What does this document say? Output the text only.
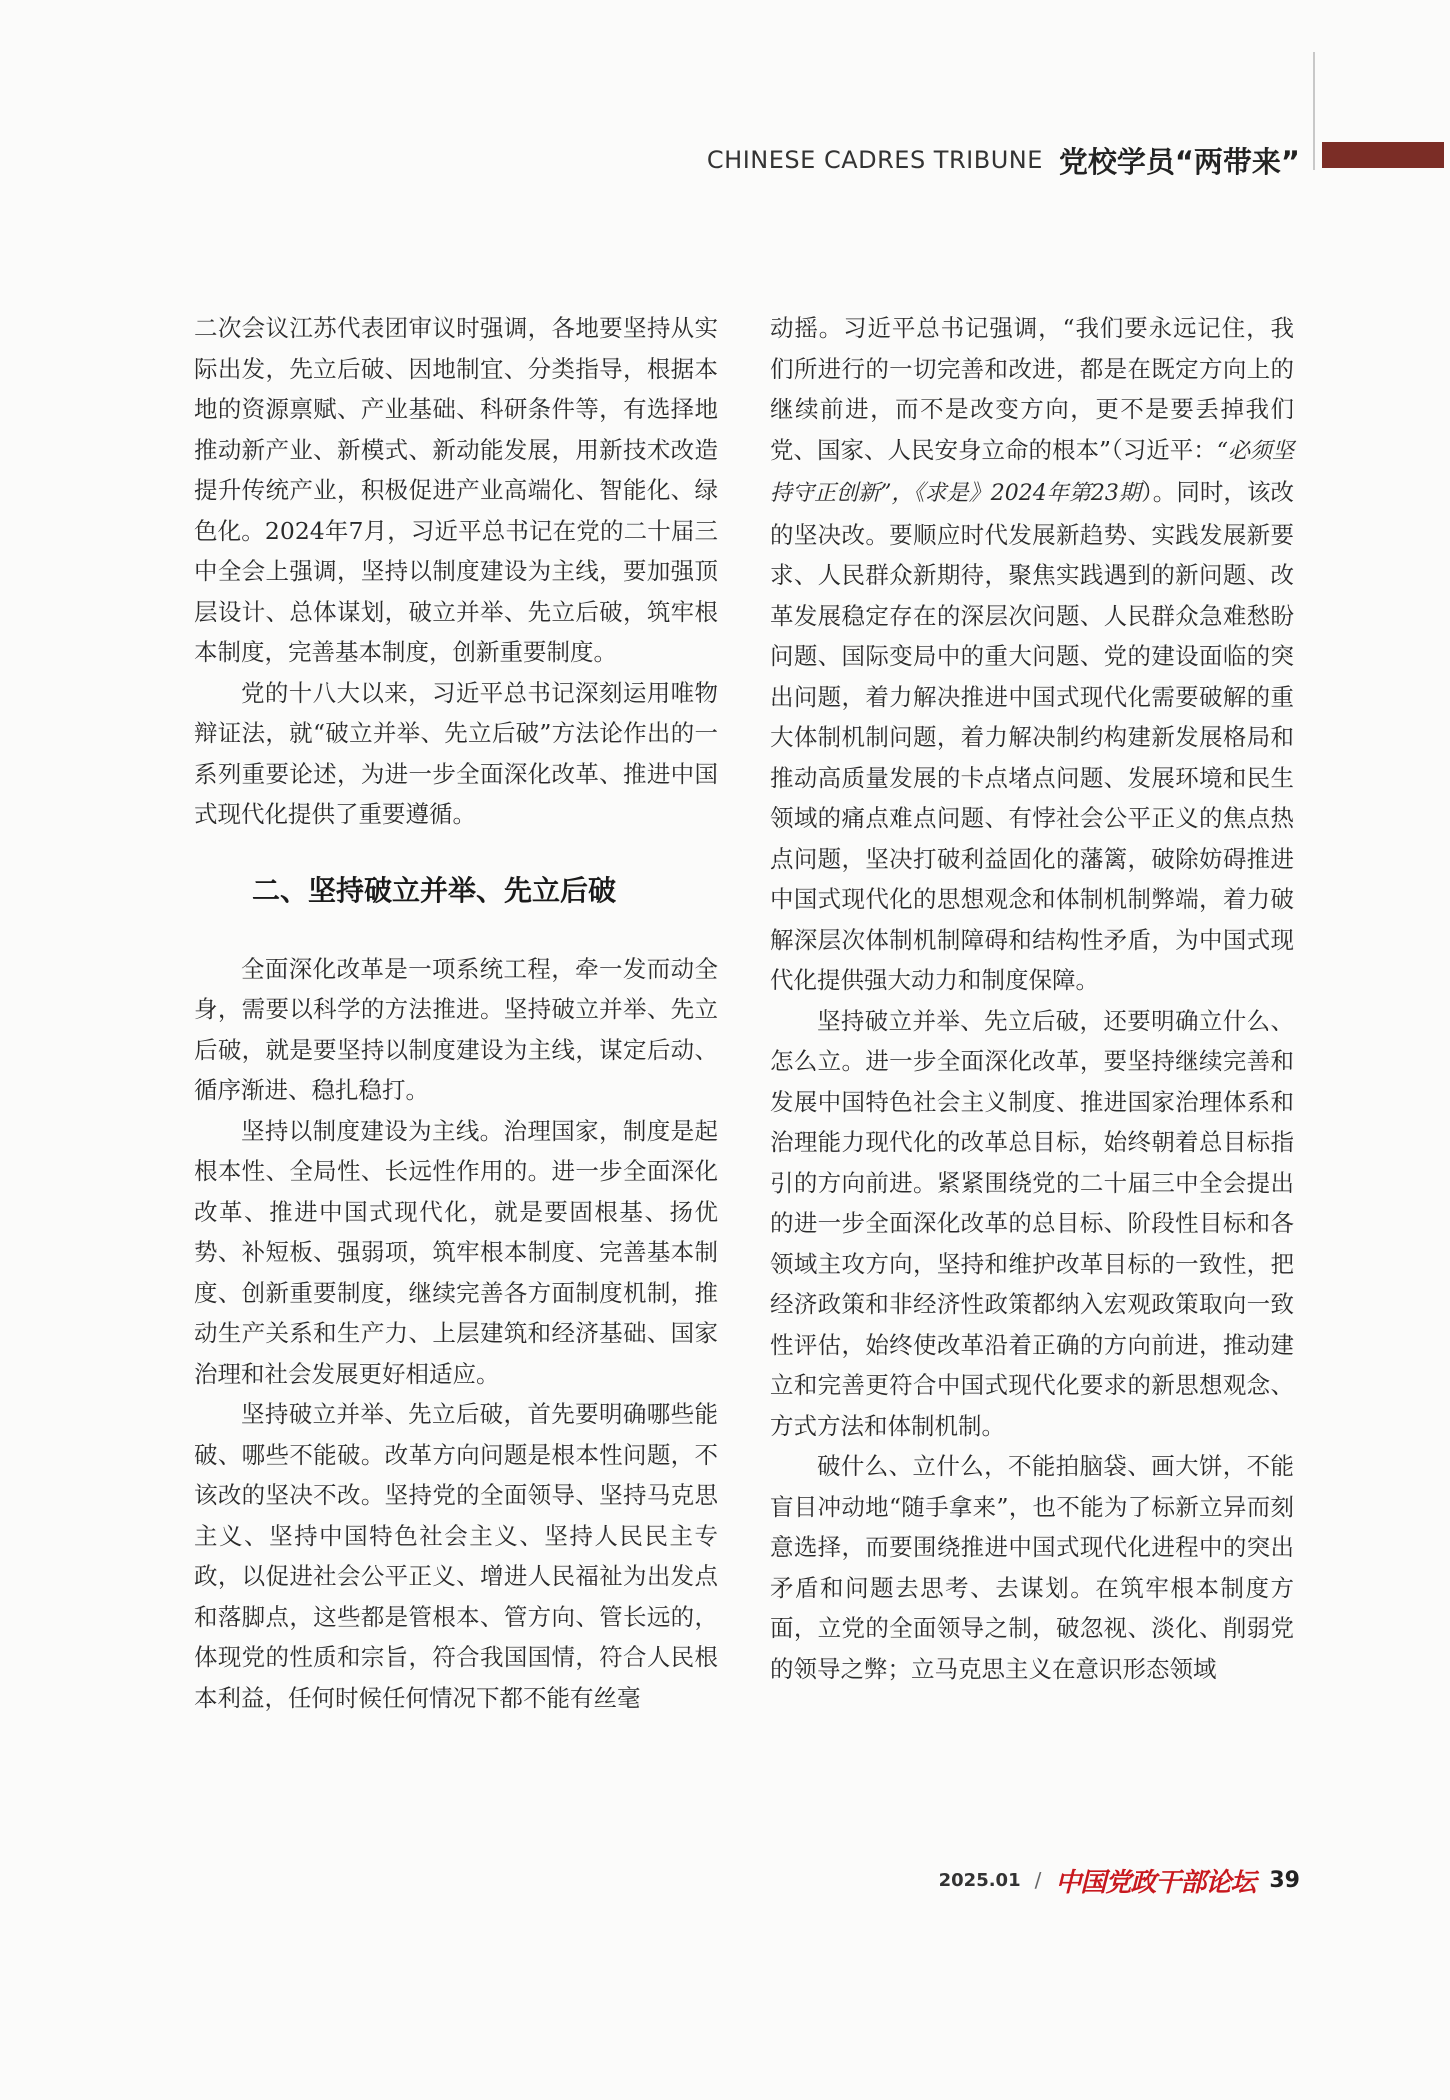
CHINESE CADRES TRIBUNE 党校学员“两带来”

二次会议江苏代表团审议时强调，各地要坚持从实际出发，先立后破、因地制宜、分类指导，根据本地的资源禀赋、产业基础、科研条件等，有选择地推动新产业、新模式、新动能发展，用新技术改造提升传统产业，积极促进产业高端化、智能化、绿色化。2024年7月，习近平总书记在党的二十届三中全会上强调，坚持以制度建设为主线，要加强顶层设计、总体谋划，破立并举、先立后破，筑牢根本制度，完善基本制度，创新重要制度。

党的十八大以来，习近平总书记深刻运用唯物辩证法，就“破立并举、先立后破”方法论作出的一系列重要论述，为进一步全面深化改革、推进中国式现代化提供了重要遵循。

二、坚持破立并举、先立后破

全面深化改革是一项系统工程，牵一发而动全身，需要以科学的方法推进。坚持破立并举、先立后破，就是要坚持以制度建设为主线，谋定后动、循序渐进、稳扎稳打。

坚持以制度建设为主线。治理国家，制度是起根本性、全局性、长远性作用的。进一步全面深化改革、推进中国式现代化，就是要固根基、扬优势、补短板、强弱项，筑牢根本制度、完善基本制度、创新重要制度，继续完善各方面制度机制，推动生产关系和生产力、上层建筑和经济基础、国家治理和社会发展更好相适应。

坚持破立并举、先立后破，首先要明确哪些能破、哪些不能破。改革方向问题是根本性问题，不该改的坚决不改。坚持党的全面领导、坚持马克思主义、坚持中国特色社会主义、坚持人民民主专政，以促进社会公平正义、增进人民福祉为出发点和落脚点，这些都是管根本、管方向、管长远的，体现党的性质和宗旨，符合我国国情，符合人民根本利益，任何时候任何情况下都不能有丝毫

动摇。习近平总书记强调，“我们要永远记住，我们所进行的一切完善和改进，都是在既定方向上的继续前进，而不是改变方向，更不是要丢掉我们党、国家、人民安身立命的根本”（习近平：“必须坚持守正创新”，《求是》2024年第23期）。同时，该改的坚决改。要顺应时代发展新趋势、实践发展新要求、人民群众新期待，聚焦实践遇到的新问题、改革发展稳定存在的深层次问题、人民群众急难愁盼问题、国际变局中的重大问题、党的建设面临的突出问题，着力解决推进中国式现代化需要破解的重大体制机制问题，着力解决制约构建新发展格局和推动高质量发展的卡点堵点问题、发展环境和民生领域的痛点难点问题、有悖社会公平正义的焦点热点问题，坚决打破利益固化的藩篱，破除妨碍推进中国式现代化的思想观念和体制机制弊端，着力破解深层次体制机制障碍和结构性矛盾，为中国式现代化提供强大动力和制度保障。

坚持破立并举、先立后破，还要明确立什么、怎么立。进一步全面深化改革，要坚持继续完善和发展中国特色社会主义制度、推进国家治理体系和治理能力现代化的改革总目标，始终朝着总目标指引的方向前进。紧紧围绕党的二十届三中全会提出的进一步全面深化改革的总目标、阶段性目标和各领域主攻方向，坚持和维护改革目标的一致性，把经济政策和非经济性政策都纳入宏观政策取向一致性评估，始终使改革沿着正确的方向前进，推动建立和完善更符合中国式现代化要求的新思想观念、方式方法和体制机制。

破什么、立什么，不能拍脑袋、画大饼，不能盲目冲动地“随手拿来”，也不能为了标新立异而刻意选择，而要围绕推进中国式现代化进程中的突出矛盾和问题去思考、去谋划。在筑牢根本制度方面，立党的全面领导之制，破忽视、淡化、削弱党的领导之弊；立马克思主义在意识形态领域

2025.01 / 中国党政干部论坛 39
